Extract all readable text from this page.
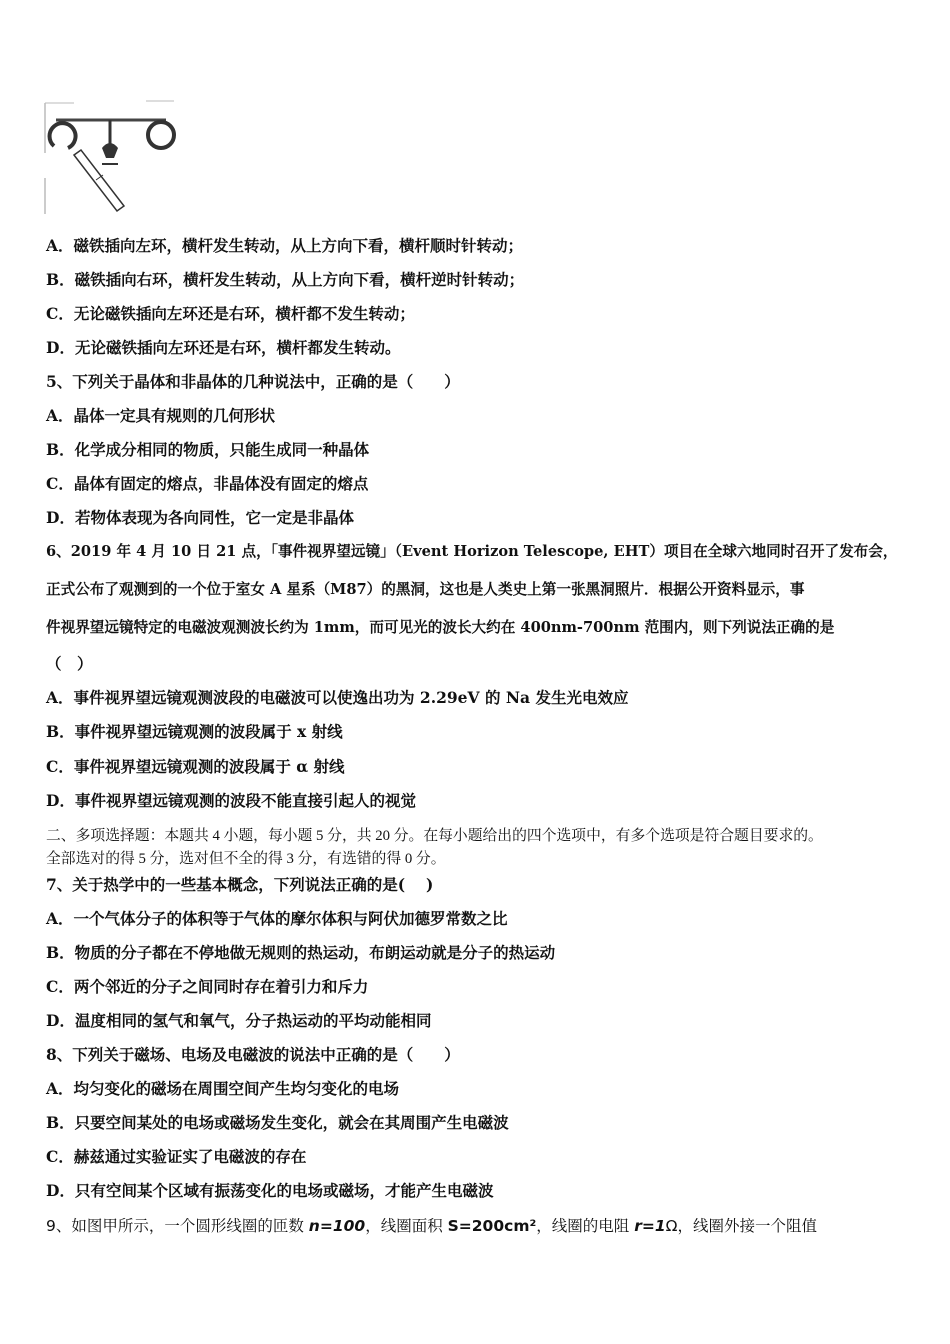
A．磁铁插向左环，横杆发生转动，从上方向下看，横杆顺时针转动；
B．磁铁插向右环，横杆发生转动，从上方向下看，横杆逆时针转动；
C．无论磁铁插向左环还是右环，横杆都不发生转动；
D．无论磁铁插向左环还是右环，横杆都发生转动。
5、下列关于晶体和非晶体的几种说法中，正确的是（　　）
A．晶体一定具有规则的几何形状
B．化学成分相同的物质，只能生成同一种晶体
C．晶体有固定的熔点，非晶体没有固定的熔点
D．若物体表现为各向同性，它一定是非晶体
6、2019 年 4 月 10 日 21 点，「事件视界望远镜」（Event Horizon Telescope, EHT）项目在全球六地同时召开了发布会，
正式公布了观测到的一个位于室女 A 星系（M87）的黑洞，这也是人类史上第一张黑洞照片．根据公开资料显示，事
件视界望远镜特定的电磁波观测波长约为 1mm，而可见光的波长大约在 400nm-700nm 范围内，则下列说法正确的是
（　）
A．事件视界望远镜观测波段的电磁波可以使逸出功为 2.29eV 的 Na 发生光电效应
B．事件视界望远镜观测的波段属于 x 射线
C．事件视界望远镜观测的波段属于 α 射线
D．事件视界望远镜观测的波段不能直接引起人的视觉
二、多项选择题：本题共 4 小题，每小题 5 分，共 20 分。在每小题给出的四个选项中，有多个选项是符合题目要求的。
全部选对的得 5 分，选对但不全的得 3 分，有选错的得 0 分。
7、关于热学中的一些基本概念，下列说法正确的是(　 )
A．一个气体分子的体积等于气体的摩尔体积与阿伏加德罗常数之比
B．物质的分子都在不停地做无规则的热运动，布朗运动就是分子的热运动
C．两个邻近的分子之间同时存在着引力和斥力
D．温度相同的氢气和氧气，分子热运动的平均动能相同
8、下列关于磁场、电场及电磁波的说法中正确的是（　　）
A．均匀变化的磁场在周围空间产生均匀变化的电场
B．只要空间某处的电场或磁场发生变化，就会在其周围产生电磁波
C．赫兹通过实验证实了电磁波的存在
D．只有空间某个区域有振荡变化的电场或磁场，才能产生电磁波
9、如图甲所示，一个圆形线圈的匝数 n=100，线圈面积 S=200cm²，线圈的电阻 r=1Ω，线圈外接一个阻值
